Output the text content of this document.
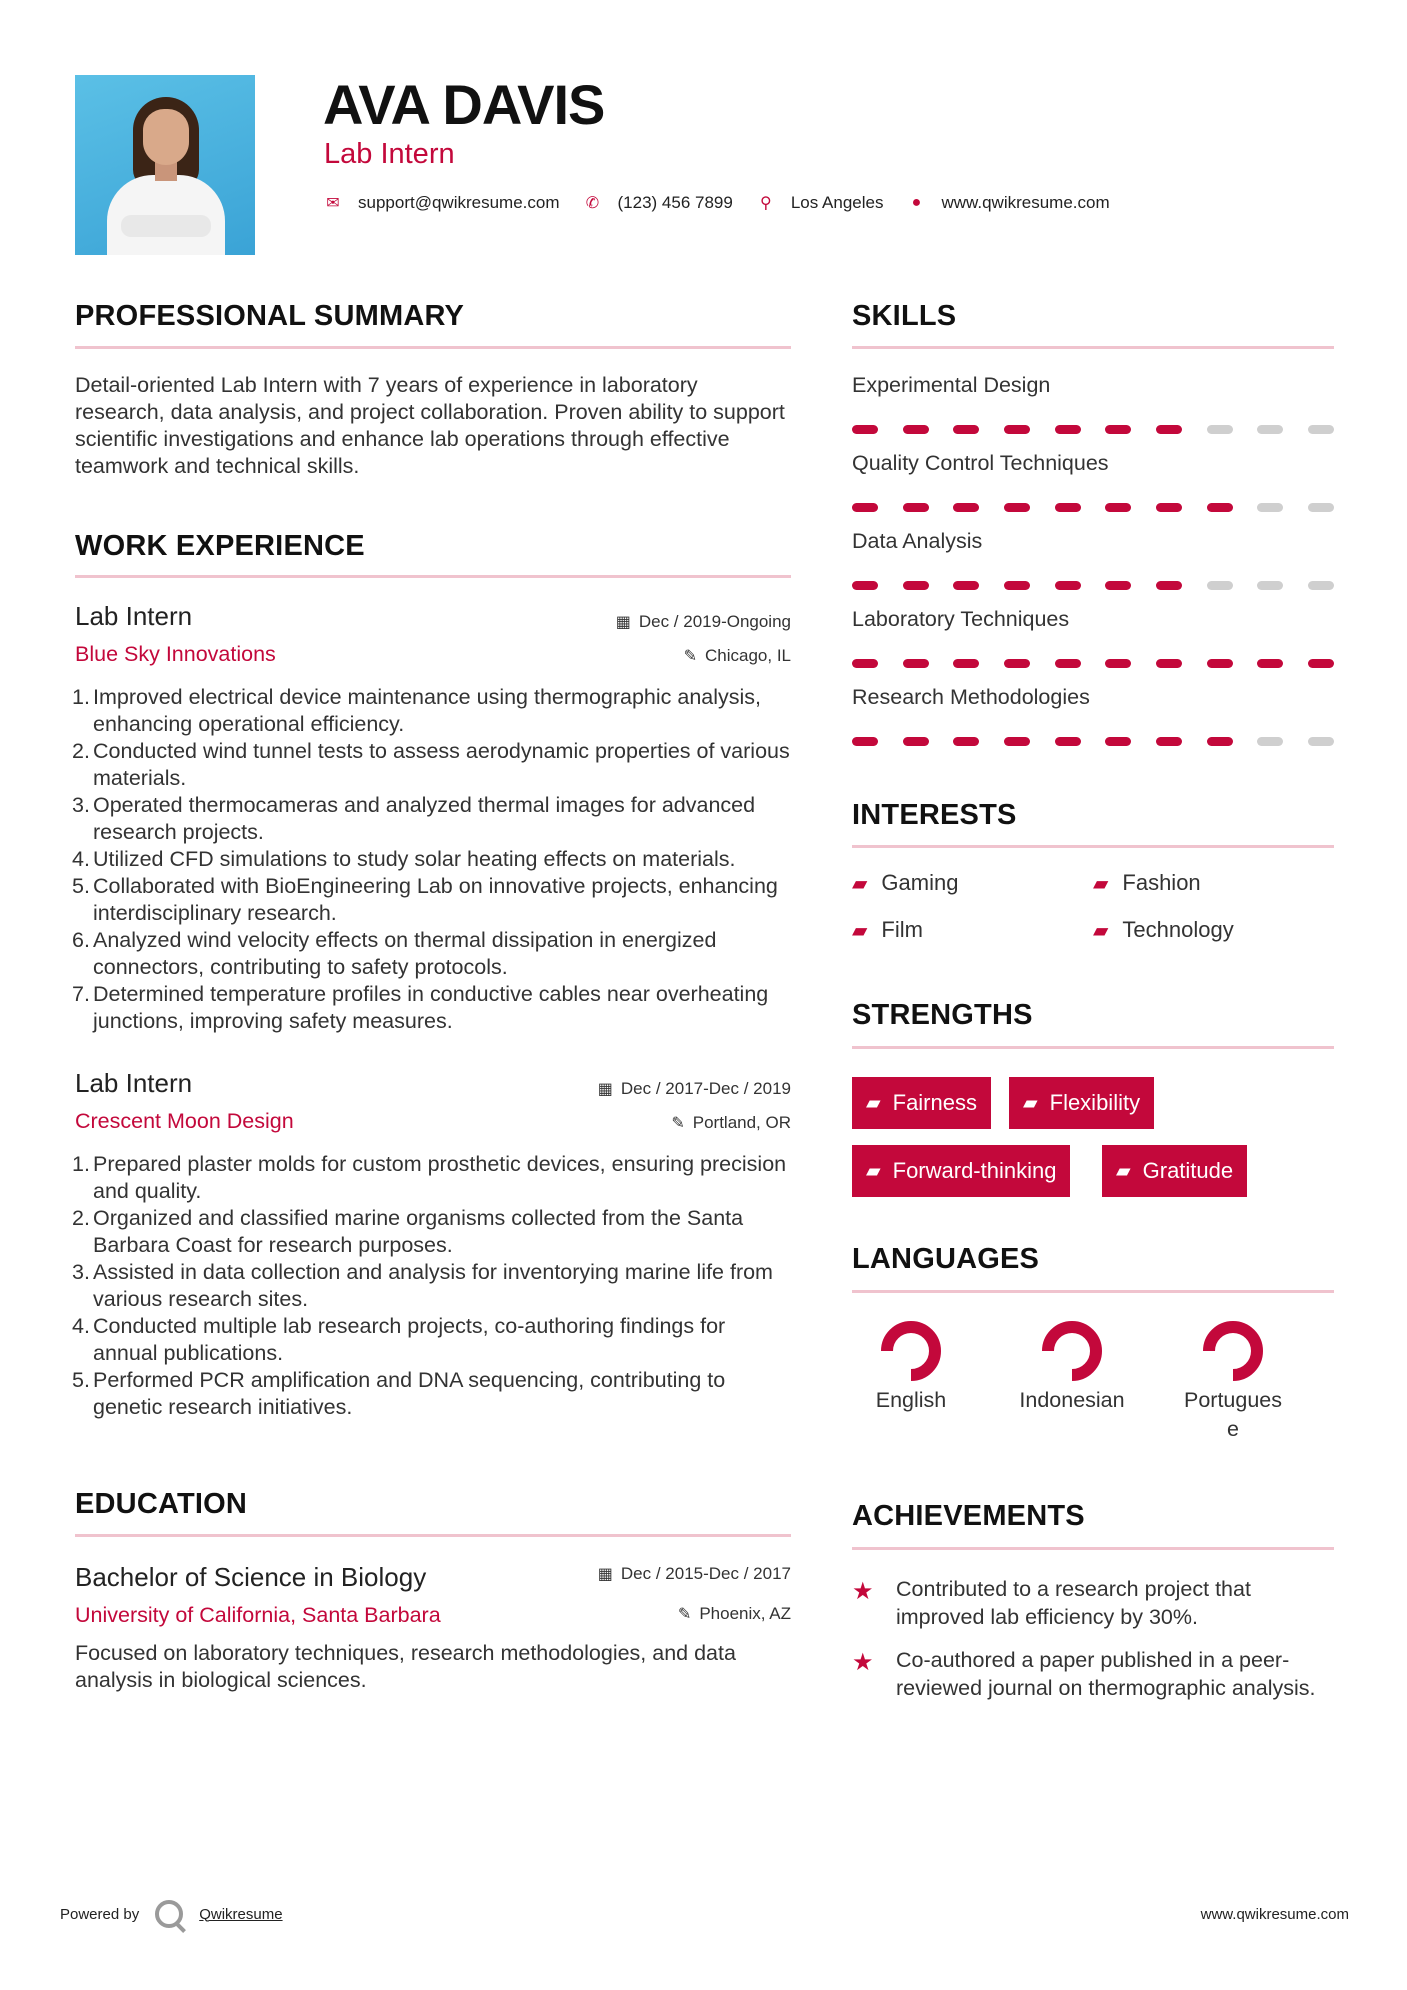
AVA DAVIS
Lab Intern
✉ support@qwikresume.com ✆ (123) 456 7899 ⚲ Los Angeles ● www.qwikresume.com
PROFESSIONAL SUMMARY
Detail-oriented Lab Intern with 7 years of experience in laboratory research, data analysis, and project collaboration. Proven ability to support scientific investigations and enhance lab operations through effective teamwork and technical skills.
WORK EXPERIENCE
Lab Intern	▦ Dec / 2019-Ongoing
Blue Sky Innovations	✎ Chicago, IL
1. Improved electrical device maintenance using thermographic analysis, enhancing operational efficiency.
2. Conducted wind tunnel tests to assess aerodynamic properties of various materials.
3. Operated thermocameras and analyzed thermal images for advanced research projects.
4. Utilized CFD simulations to study solar heating effects on materials.
5. Collaborated with BioEngineering Lab on innovative projects, enhancing interdisciplinary research.
6. Analyzed wind velocity effects on thermal dissipation in energized connectors, contributing to safety protocols.
7. Determined temperature profiles in conductive cables near overheating junctions, improving safety measures.
Lab Intern	▦ Dec / 2017-Dec / 2019
Crescent Moon Design	✎ Portland, OR
1. Prepared plaster molds for custom prosthetic devices, ensuring precision and quality.
2. Organized and classified marine organisms collected from the Santa Barbara Coast for research purposes.
3. Assisted in data collection and analysis for inventorying marine life from various research sites.
4. Conducted multiple lab research projects, co-authoring findings for annual publications.
5. Performed PCR amplification and DNA sequencing, contributing to genetic research initiatives.
EDUCATION
Bachelor of Science in Biology	▦ Dec / 2015-Dec / 2017
University of California, Santa Barbara	✎ Phoenix, AZ
Focused on laboratory techniques, research methodologies, and data analysis in biological sciences.
SKILLS
Experimental Design
Quality Control Techniques
Data Analysis
Laboratory Techniques
Research Methodologies
INTERESTS
▰ Gaming	▰ Fashion
▰ Film	▰ Technology
STRENGTHS
▰ Fairness ▰ Flexibility
▰ Forward-thinking	▰ Gratitude
LANGUAGES
English	Indonesian	Portugues e
ACHIEVEMENTS
★	Contributed to a research project that improved lab efficiency by 30%.
★	Co-authored a paper published in a peer-reviewed journal on thermographic analysis.
Powered by	Qwikresume	www.qwikresume.com
